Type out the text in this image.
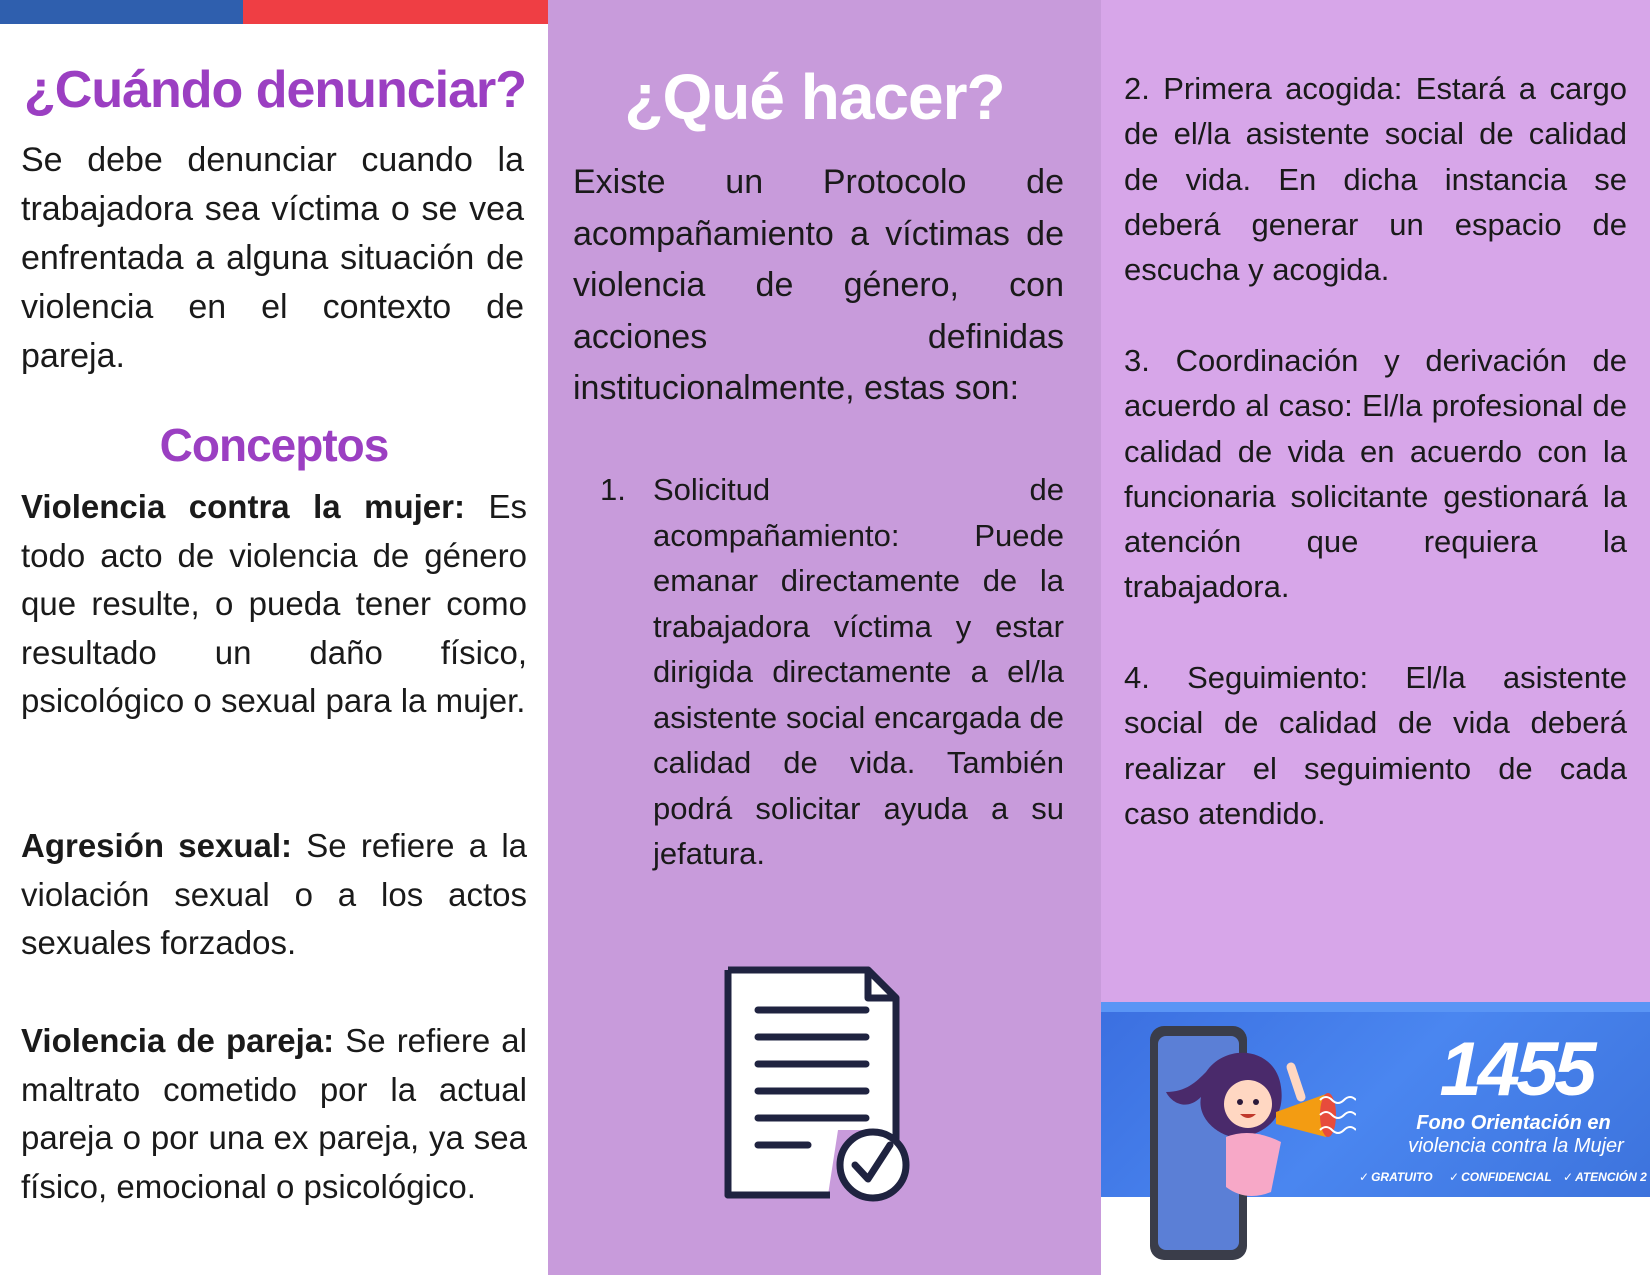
¿Cuándo denunciar?

Se debe denunciar cuando la trabajadora sea víctima o se vea enfrentada a alguna situación de violencia en el contexto de pareja.

Conceptos

Violencia contra la mujer: Es todo acto de violencia de género que resulte, o pueda tener como resultado un daño físico, psicológico o sexual para la mujer.

Agresión sexual: Se refiere a la violación sexual o a los actos sexuales forzados.

Violencia de pareja: Se refiere al maltrato cometido por la actual pareja o por una ex pareja, ya sea físico, emocional o psicológico.

¿Qué hacer?

Existe un Protocolo de acompañamiento a víctimas de violencia de género, con acciones definidas institucionalmente, estas son:

1. Solicitud de acompañamiento: Puede emanar directamente de la trabajadora víctima y estar dirigida directamente a el/la asistente social encargada de calidad de vida. También podrá solicitar ayuda a su jefatura.

2. Primera acogida: Estará a cargo de el/la asistente social de calidad de vida. En dicha instancia se deberá generar un espacio de escucha y acogida.

3. Coordinación y derivación de acuerdo al caso: El/la profesional de calidad de vida en acuerdo con la funcionaria solicitante gestionará la atención que requiera la trabajadora.

4. Seguimiento: El/la asistente social de calidad de vida deberá realizar el seguimiento de cada caso atendido.

1455
Fono Orientación en
violencia contra la Mujer
✓ GRATUITO ✓ CONFIDENCIAL ✓ ATENCIÓN 2
